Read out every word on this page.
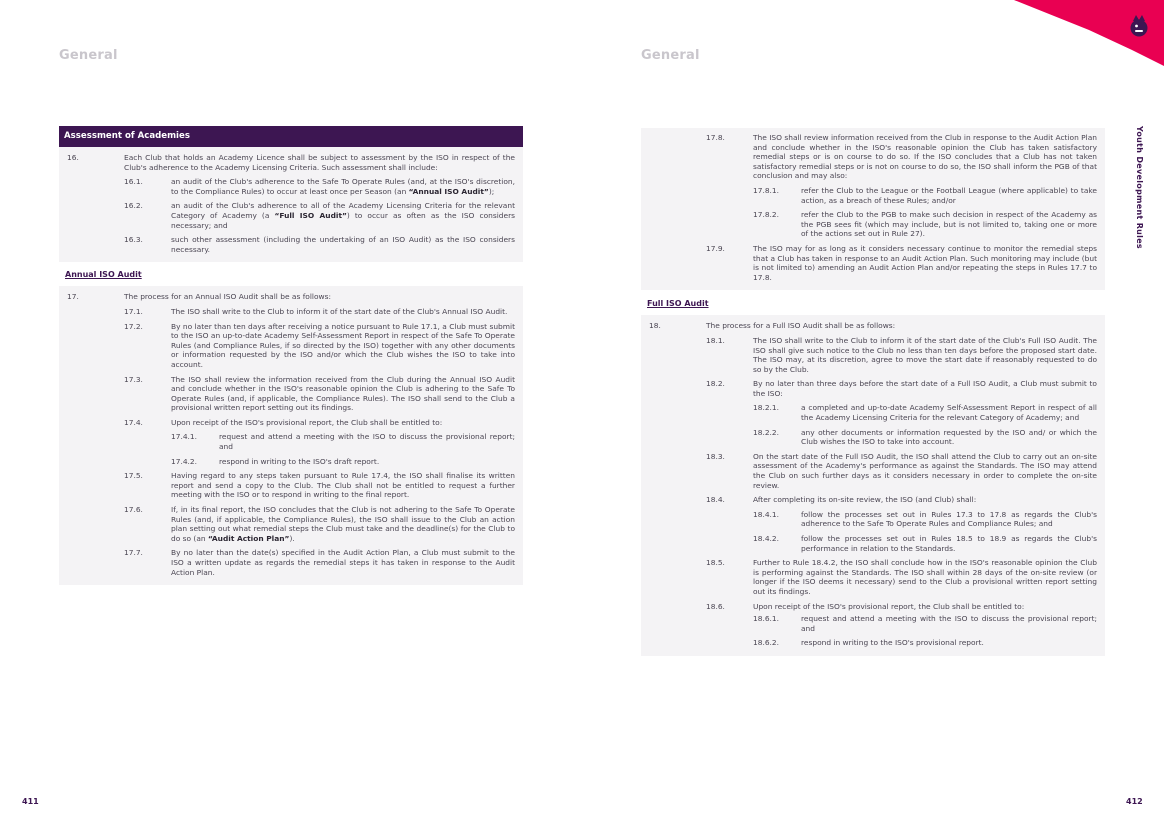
General	General
Youth Development Rules
Assessment of Academies
16.	Each Club that holds an Academy Licence shall be subject to assessment by the ISO in respect of the Club's adherence to the Academy Licensing Criteria. Such assessment shall include:
16.1.	an audit of the Club's adherence to the Safe To Operate Rules (and, at the ISO's discretion, to the Compliance Rules) to occur at least once per Season (an “Annual ISO Audit”);
16.2.	an audit of the Club's adherence to all of the Academy Licensing Criteria for the relevant Category of Academy (a “Full ISO Audit”) to occur as often as the ISO considers necessary; and
16.3.	such other assessment (including the undertaking of an ISO Audit) as the ISO considers necessary.
Annual ISO Audit
17.	The process for an Annual ISO Audit shall be as follows:
17.1.	The ISO shall write to the Club to inform it of the start date of the Club's Annual ISO Audit.
17.2.	By no later than ten days after receiving a notice pursuant to Rule 17.1, a Club must submit to the ISO an up-to-date Academy Self-Assessment Report in respect of the Safe To Operate Rules (and Compliance Rules, if so directed by the ISO) together with any other documents or information requested by the ISO and/or which the Club wishes the ISO to take into account.
17.3.	The ISO shall review the information received from the Club during the Annual ISO Audit and conclude whether in the ISO's reasonable opinion the Club is adhering to the Safe To Operate Rules (and, if applicable, the Compliance Rules). The ISO shall send to the Club a provisional written report setting out its findings.
17.4.	Upon receipt of the ISO's provisional report, the Club shall be entitled to:
17.4.1.	request and attend a meeting with the ISO to discuss the provisional report; and
17.4.2.	respond in writing to the ISO's draft report.
17.5.	Having regard to any steps taken pursuant to Rule 17.4, the ISO shall finalise its written report and send a copy to the Club. The Club shall not be entitled to request a further meeting with the ISO or to respond in writing to the final report.
17.6.	If, in its final report, the ISO concludes that the Club is not adhering to the Safe To Operate Rules (and, if applicable, the Compliance Rules), the ISO shall issue to the Club an action plan setting out what remedial steps the Club must take and the deadline(s) for the Club to do so (an “Audit Action Plan”).
17.7.	By no later than the date(s) specified in the Audit Action Plan, a Club must submit to the ISO a written update as regards the remedial steps it has taken in response to the Audit Action Plan.
17.8.	The ISO shall review information received from the Club in response to the Audit Action Plan and conclude whether in the ISO's reasonable opinion the Club has taken satisfactory remedial steps or is on course to do so. If the ISO concludes that a Club has not taken satisfactory remedial steps or is not on course to do so, the ISO shall inform the PGB of that conclusion and may also:
17.8.1.	refer the Club to the League or the Football League (where applicable) to take action, as a breach of these Rules; and/or
17.8.2.	refer the Club to the PGB to make such decision in respect of the Academy as the PGB sees fit (which may include, but is not limited to, taking one or more of the actions set out in Rule 27).
17.9.	The ISO may for as long as it considers necessary continue to monitor the remedial steps that a Club has taken in response to an Audit Action Plan. Such monitoring may include (but is not limited to) amending an Audit Action Plan and/or repeating the steps in Rules 17.7 to 17.8.
Full ISO Audit
18.	The process for a Full ISO Audit shall be as follows:
18.1.	The ISO shall write to the Club to inform it of the start date of the Club's Full ISO Audit. The ISO shall give such notice to the Club no less than ten days before the proposed start date. The ISO may, at its discretion, agree to move the start date if reasonably requested to do so by the Club.
18.2.	By no later than three days before the start date of a Full ISO Audit, a Club must submit to the ISO:
18.2.1.	a completed and up-to-date Academy Self-Assessment Report in respect of all the Academy Licensing Criteria for the relevant Category of Academy; and
18.2.2.	any other documents or information requested by the ISO and/ or which the Club wishes the ISO to take into account.
18.3.	On the start date of the Full ISO Audit, the ISO shall attend the Club to carry out an on-site assessment of the Academy's performance as against the Standards. The ISO may attend the Club on such further days as it considers necessary in order to complete the on-site review.
18.4.	After completing its on-site review, the ISO (and Club) shall:
18.4.1.	follow the processes set out in Rules 17.3 to 17.8 as regards the Club's adherence to the Safe To Operate Rules and Compliance Rules; and
18.4.2.	follow the processes set out in Rules 18.5 to 18.9 as regards the Club's performance in relation to the Standards.
18.5.	Further to Rule 18.4.2, the ISO shall conclude how in the ISO's reasonable opinion the Club is performing against the Standards. The ISO shall within 28 days of the on-site review (or longer if the ISO deems it necessary) send to the Club a provisional written report setting out its findings.
18.6.	Upon receipt of the ISO's provisional report, the Club shall be entitled to:
18.6.1.	request and attend a meeting with the ISO to discuss the provisional report; and
18.6.2.	respond in writing to the ISO's provisional report.
411	412
